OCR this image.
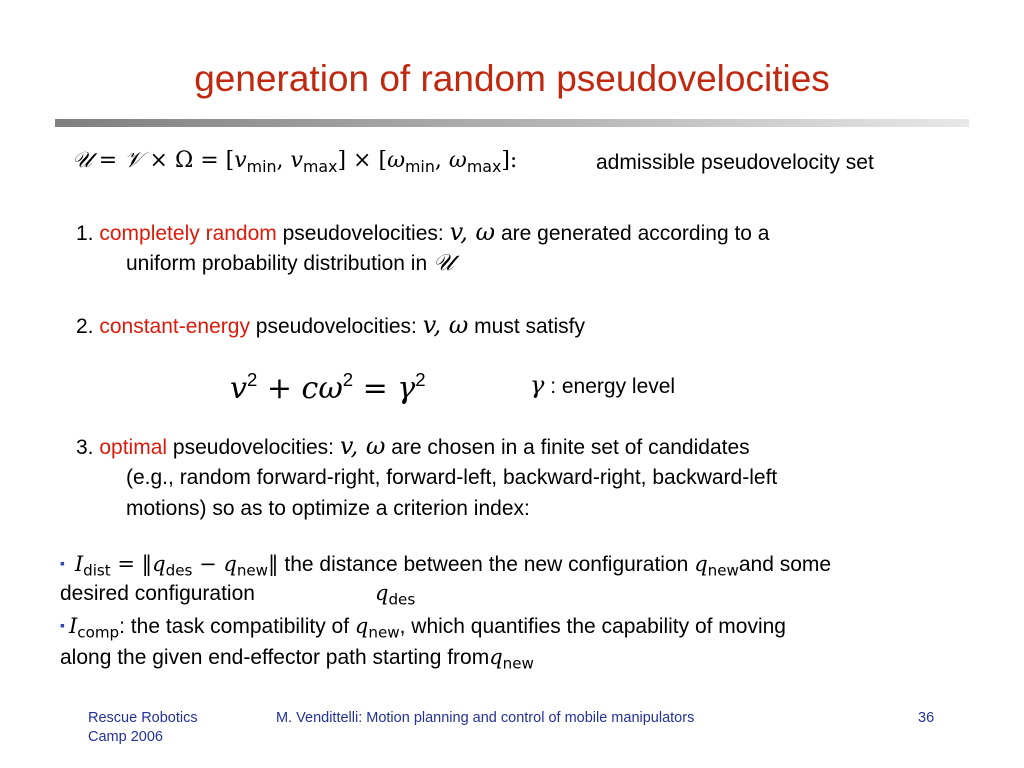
generation of random pseudovelocities
𝒰 = 𝒱 × $\Omega = [v_{min}$, $v_{max}] \times [\omega_{min}$, $\omega_{max}$]:	admissible pseudovelocity set
1. completely random pseudovelocities: v, ω are generated according to a
uniform probability distribution in 𝒰
2. constant-energy pseudovelocities: v, ω must satisfy
$v^2 + c\omega^2 = \gamma^2$	γ : energy level
3. optimal pseudovelocities: v, ω are chosen in a finite set of candidates
(e.g., random forward-right, forward-left, backward-right, backward-left
motions) so as to optimize a criterion index:
▪ $I_{dist}$ = $‖q_{des}$ − $q_{new}‖$ the distance between the new configuration $q_{new}and$ some
desired configuration	$q_{des}$
▪ $I_{comp}$: the task compatibility of $q_{new}$, which quantifies the capability of moving
along the given end-effector path starting fromq$_{new}$
Rescue Robotics
Camp 2006
M. Vendittelli: Motion planning and control of mobile manipulators	36
